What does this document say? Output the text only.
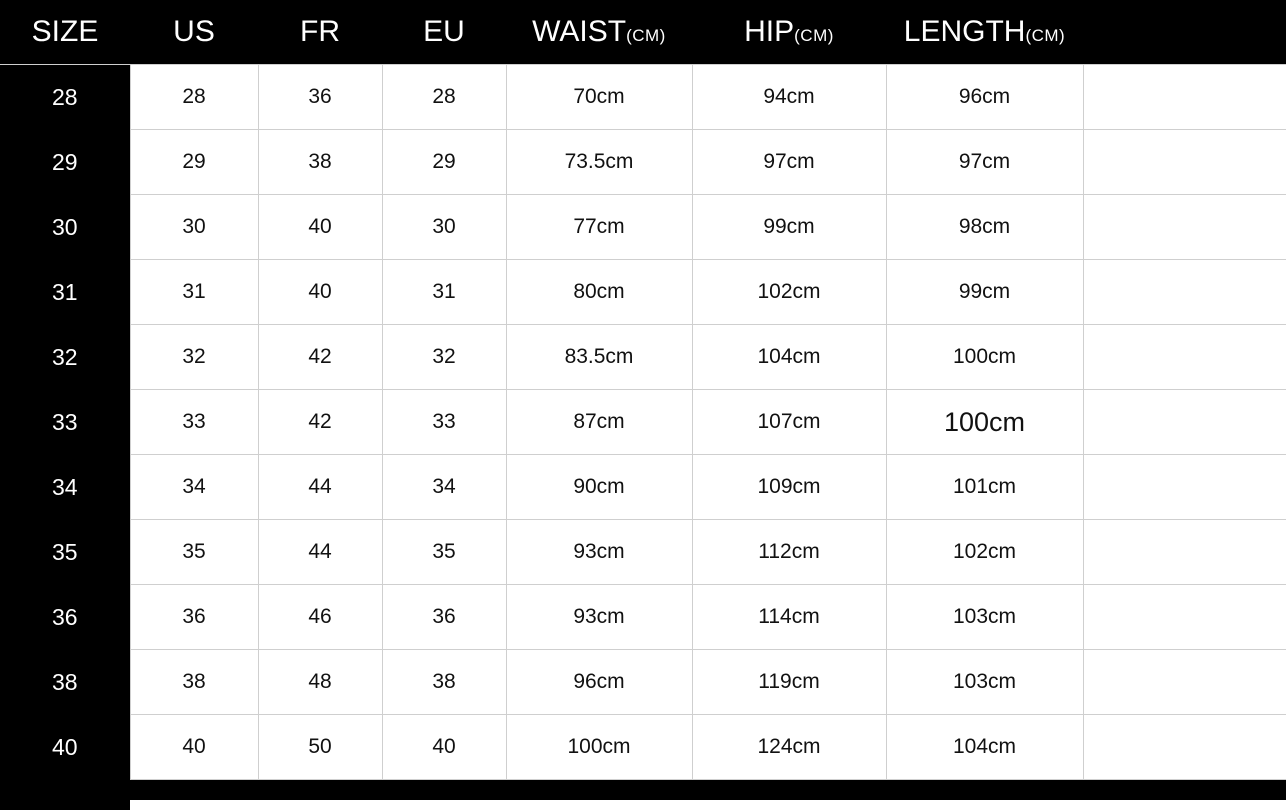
SIZE	US	FR	EU	WAIST(CM)	HIP(CM)	LENGTH(CM)	
28	28	36	28	70cm	94cm	96cm	
29	29	38	29	73.5cm	97cm	97cm	
30	30	40	30	77cm	99cm	98cm	
31	31	40	31	80cm	102cm	99cm	
32	32	42	32	83.5cm	104cm	100cm	
33	33	42	33	87cm	107cm	100cm	
34	34	44	34	90cm	109cm	101cm	
35	35	44	35	93cm	112cm	102cm	
36	36	46	36	93cm	114cm	103cm	
38	38	48	38	96cm	119cm	103cm	
40	40	50	40	100cm	124cm	104cm	
